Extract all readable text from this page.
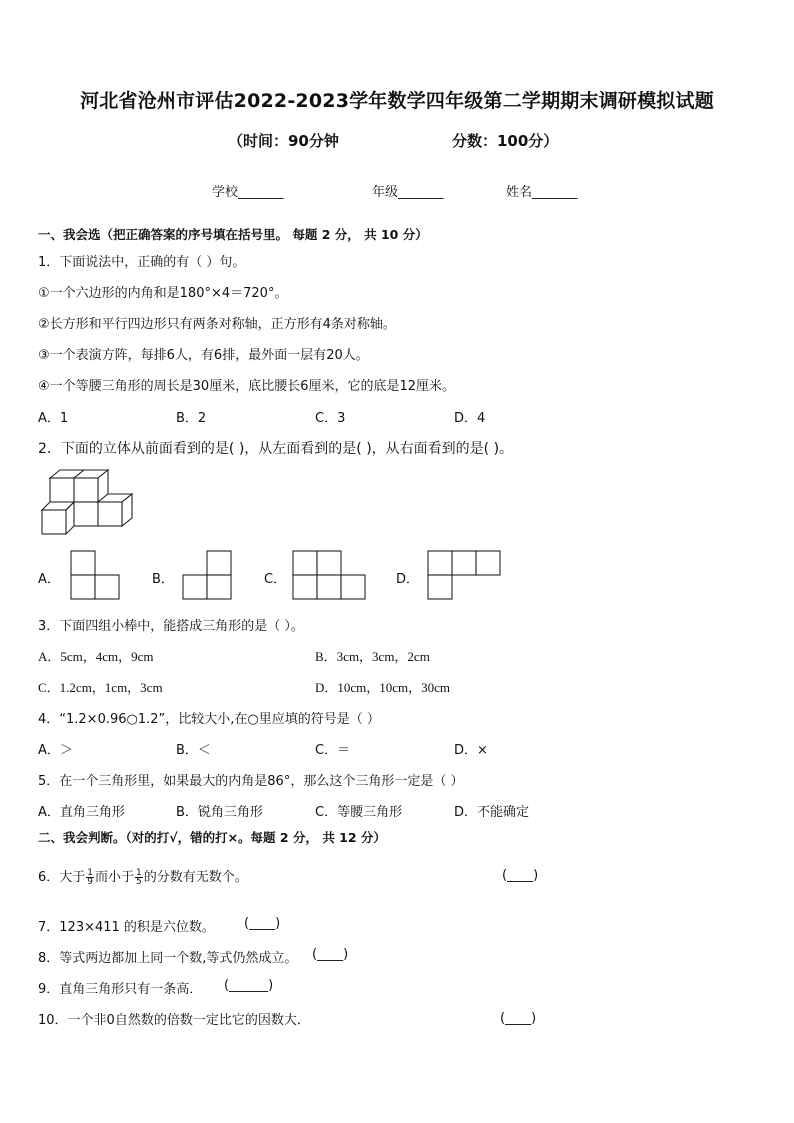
河北省沧州市评估2022-2023学年数学四年级第二学期期末调研模拟试题
（时间：90分钟	分数：100分）
学校_______	年级_______	姓名_______
一、我会选（把正确答案的序号填在括号里。 每题 2 分， 共 10 分）
1．下面说法中，正确的有（ ）句。
①一个六边形的内角和是180°×4＝720°。
②长方形和平行四边形只有两条对称轴，正方形有4条对称轴。
③一个表演方阵，每排6人，有6排，最外面一层有20人。
④一个等腰三角形的周长是30厘米，底比腰长6厘米，它的底是12厘米。
A．1	B．2	C．3	D．4
2．下面的立体从前面看到的是( )，从左面看到的是( )，从右面看到的是( )。
A．	B．	C．	D．
3．下面四组小棒中，能搭成三角形的是（ ）。
A．5cm，4cm，9cm	B．3cm，3cm，2cm
C．1.2cm，1cm，3cm	D．10cm，10cm，30cm
4．“1.2×0.96○1.2”，比较大小,在○里应填的符号是（ ）
A．＞	B．＜	C．＝	D．×
5．在一个三角形里，如果最大的内角是86°，那么这个三角形一定是（ ）
A．直角三角形	B．锐角三角形	C．等腰三角形	D．不能确定
二、我会判断。（对的打√，错的打×。每题 2 分， 共 12 分）
6．大于 $\frac{1}{9}$ 而小于 $\frac{1}{5}$ 的分数有无数个。	(____)
7．123×411 的积是六位数。 (____)
8．等式两边都加上同一个数,等式仍然成立。 (____)
9．直角三角形只有一条高． (______)
10．一个非0自然数的倍数一定比它的因数大．	(____)
